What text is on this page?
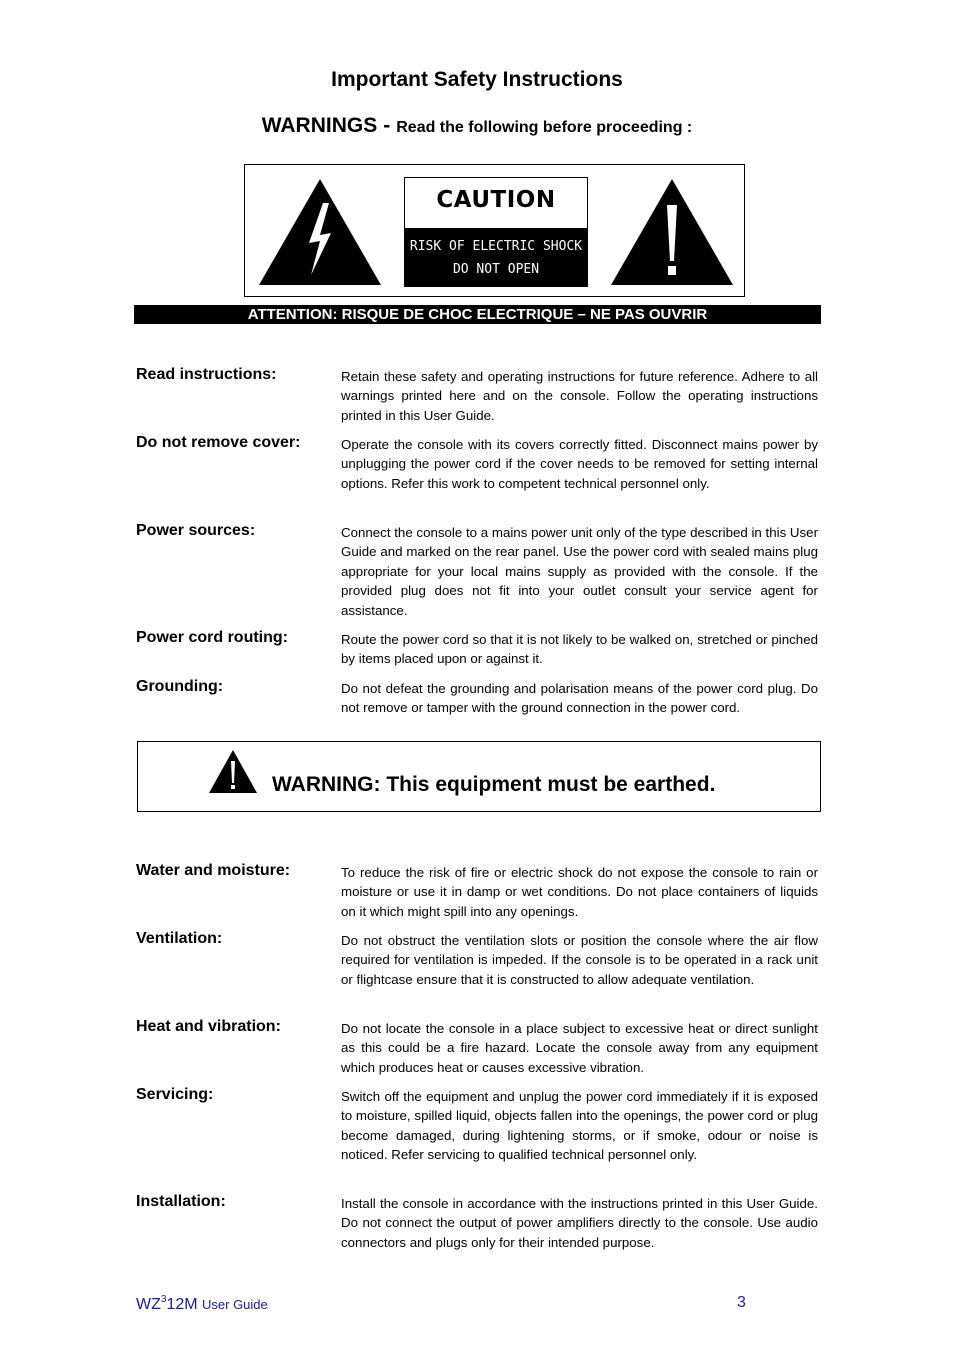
Important Safety Instructions
WARNINGS - Read the following before proceeding :
CAUTION
RISK OF ELECTRIC SHOCK
DO NOT OPEN
ATTENTION: RISQUE DE CHOC ELECTRIQUE – NE PAS OUVRIR
Read instructions:	Retain these safety and operating instructions for future reference. Adhere to all warnings printed here and on the console. Follow the operating instructions printed in this User Guide.
Do not remove cover:	Operate the console with its covers correctly fitted. Disconnect mains power by unplugging the power cord if the cover needs to be removed for setting internal options. Refer this work to competent technical personnel only.
Power sources:	Connect the console to a mains power unit only of the type described in this User Guide and marked on the rear panel. Use the power cord with sealed mains plug appropriate for your local mains supply as provided with the console. If the provided plug does not fit into your outlet consult your service agent for assistance.
Power cord routing:	Route the power cord so that it is not likely to be walked on, stretched or pinched by items placed upon or against it.
Grounding:	Do not defeat the grounding and polarisation means of the power cord plug. Do not remove or tamper with the ground connection in the power cord.
WARNING: This equipment must be earthed.
Water and moisture:	To reduce the risk of fire or electric shock do not expose the console to rain or moisture or use it in damp or wet conditions. Do not place containers of liquids on it which might spill into any openings.
Ventilation:	Do not obstruct the ventilation slots or position the console where the air flow required for ventilation is impeded. If the console is to be operated in a rack unit or flightcase ensure that it is constructed to allow adequate ventilation.
Heat and vibration:	Do not locate the console in a place subject to excessive heat or direct sunlight as this could be a fire hazard. Locate the console away from any equipment which produces heat or causes excessive vibration.
Servicing:	Switch off the equipment and unplug the power cord immediately if it is exposed to moisture, spilled liquid, objects fallen into the openings, the power cord or plug become damaged, during lightening storms, or if smoke, odour or noise is noticed. Refer servicing to qualified technical personnel only.
Installation:	Install the console in accordance with the instructions printed in this User Guide. Do not connect the output of power amplifiers directly to the console. Use audio connectors and plugs only for their intended purpose.
$WZ^312M$ User Guide	3
